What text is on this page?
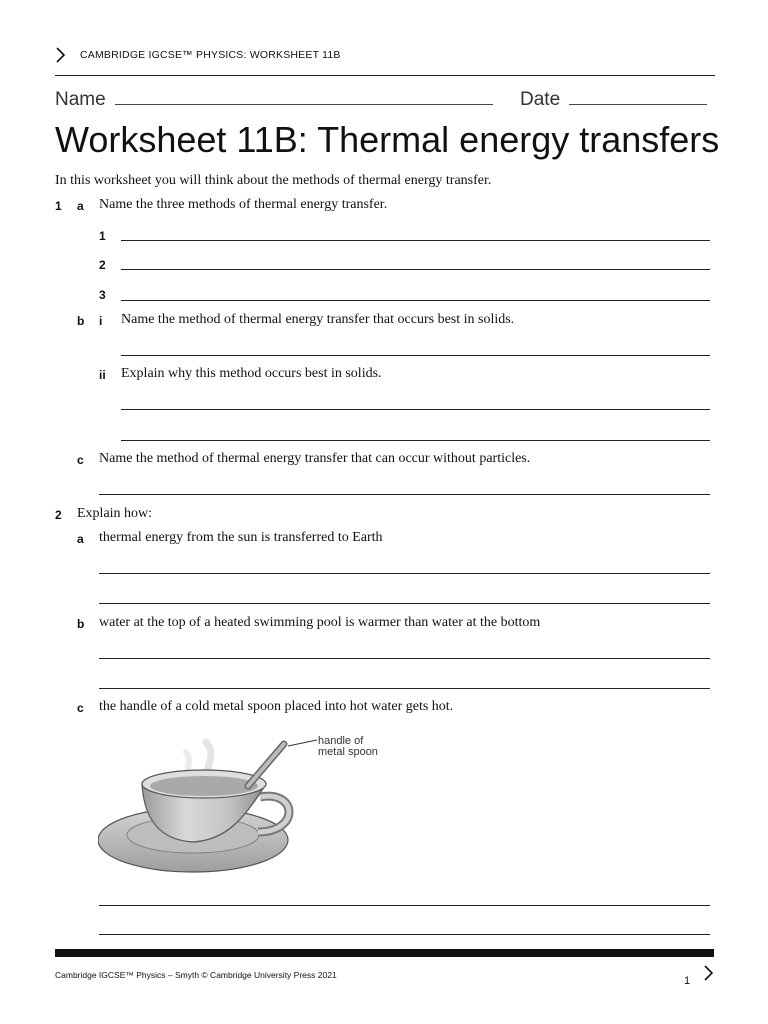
CAMBRIDGE IGCSE™ PHYSICS: WORKSHEET 11B
Name	Date
Worksheet 11B: Thermal energy transfers
In this worksheet you will think about the methods of thermal energy transfer.
1 a Name the three methods of thermal energy transfer.
1
2
3
b i Name the method of thermal energy transfer that occurs best in solids.
ii Explain why this method occurs best in solids.
c Name the method of thermal energy transfer that can occur without particles.
2 Explain how:
a thermal energy from the sun is transferred to Earth
b water at the top of a heated swimming pool is warmer than water at the bottom
c the handle of a cold metal spoon placed into hot water gets hot.
handle of
metal spoon
Cambridge IGCSE™ Physics – Smyth © Cambridge University Press 2021	1
